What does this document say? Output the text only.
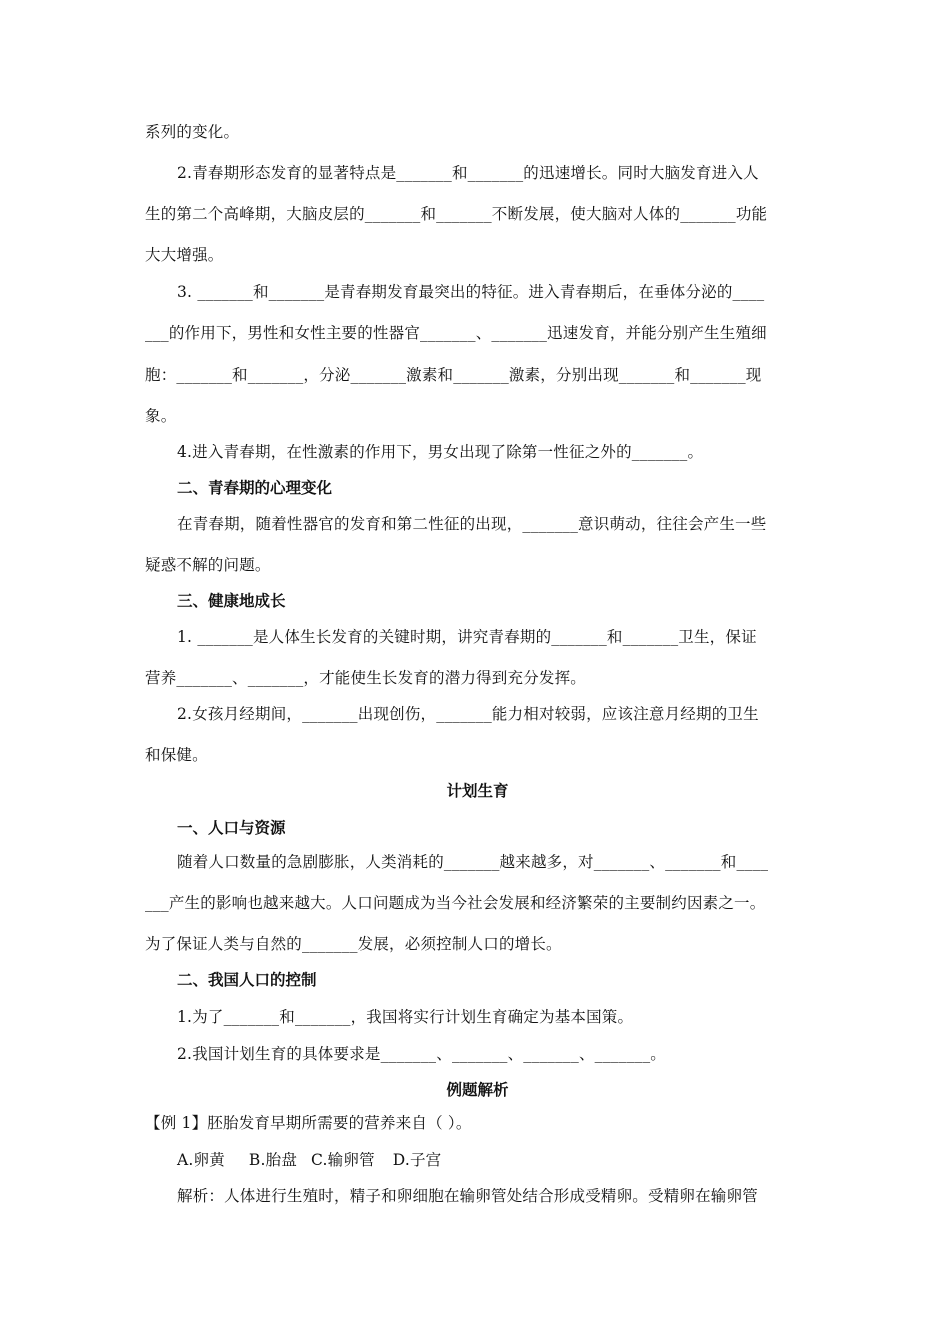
系列的变化。
2.青春期形态发育的显著特点是_______和_______的迅速增长。同时大脑发育进入人
生的第二个高峰期，大脑皮层的_______和_______不断发展，使大脑对人体的_______功能
大大增强。
3. _______和_______是青春期发育最突出的特征。进入青春期后，在垂体分泌的____
___的作用下，男性和女性主要的性器官_______、_______迅速发育，并能分别产生生殖细
胞：_______和_______，分泌_______激素和_______激素，分别出现_______和_______现
象。
4.进入青春期，在性激素的作用下，男女出现了除第一性征之外的_______。
二、青春期的心理变化
在青春期，随着性器官的发育和第二性征的出现，_______意识萌动，往往会产生一些
疑惑不解的问题。
三、健康地成长
1. _______是人体生长发育的关键时期，讲究青春期的_______和_______卫生，保证
营养_______、_______，才能使生长发育的潜力得到充分发挥。
2.女孩月经期间，_______出现创伤，_______能力相对较弱，应该注意月经期的卫生
和保健。
计划生育
一、人口与资源
随着人口数量的急剧膨胀，人类消耗的_______越来越多，对_______、_______和____
___产生的影响也越来越大。人口问题成为当今社会发展和经济繁荣的主要制约因素之一。
为了保证人类与自然的_______发展，必须控制人口的增长。
二、我国人口的控制
1.为了_______和_______，我国将实行计划生育确定为基本国策。
2.我国计划生育的具体要求是_______、_______、_______、_______。
例题解析
【例 1】胚胎发育早期所需要的营养来自（ ）。
A.卵黄 B.胎盘 C.输卵管 D.子宫
解析：人体进行生殖时，精子和卵细胞在输卵管处结合形成受精卵。受精卵在输卵管
